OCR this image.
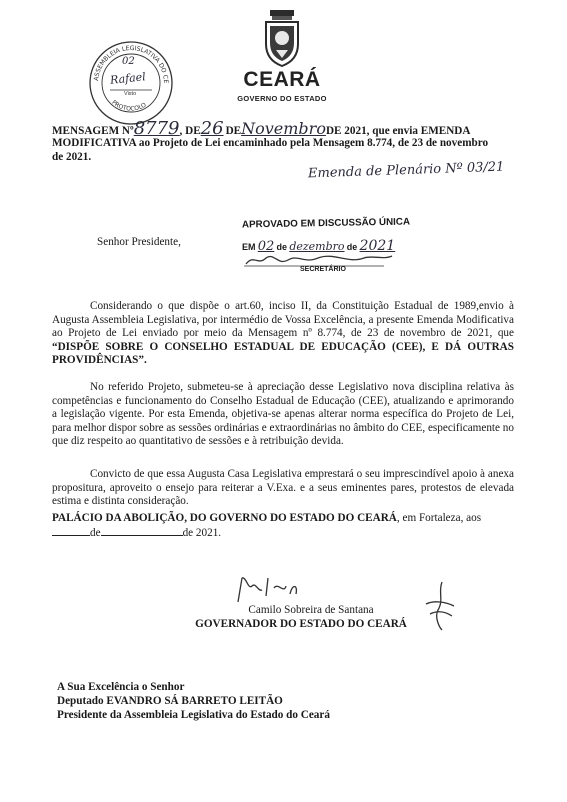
ASSEMBLEIA LEGISLATIVA DO CE
PROTOCOLO
02
Rafael
Visto
CEARÁ
GOVERNO DO ESTADO
MENSAGEM Nº8779, DE26 DENovembroDE 2021, que envia EMENDA
MODIFICATIVA ao Projeto de Lei encaminhado pela Mensagem 8.774, de 23 de novembro
de 2021.
Emenda de Plenário Nº 03/21
APROVADO EM DISCUSSÃO ÚNICA
EM 02 de dezembro de 2021
SECRETÁRIO
Senhor Presidente,
Considerando o que dispõe o art.60, inciso II, da Constituição Estadual de 1989,envio à Augusta Assembleia Legislativa, por intermédio de Vossa Excelência, a presente Emenda Modificativa ao Projeto de Lei enviado por meio da Mensagem nº 8.774, de 23 de novembro de 2021, que “DISPÕE SOBRE O CONSELHO ESTADUAL DE EDUCAÇÃO (CEE), E DÁ OUTRAS PROVIDÊNCIAS”.
No referido Projeto, submeteu-se à apreciação desse Legislativo nova disciplina relativa às competências e funcionamento do Conselho Estadual de Educação (CEE), atualizando e aprimorando a legislação vigente. Por esta Emenda, objetiva-se apenas alterar norma específica do Projeto de Lei, para melhor dispor sobre as sessões ordinárias e extraordinárias no âmbito do CEE, especificamente no que diz respeito ao quantitativo de sessões e à retribuição devida.
Convicto de que essa Augusta Casa Legislativa emprestará o seu imprescindível apoio à anexa propositura, aproveito o ensejo para reiterar a V.Exa. e a seus eminentes pares, protestos de elevada estima e distinta consideração.
PALÁCIO DA ABOLIÇÃO, DO GOVERNO DO ESTADO DO CEARÁ, em Fortaleza, aos
de	de 2021.
Camilo Sobreira de Santana
GOVERNADOR DO ESTADO DO CEARÁ
A Sua Excelência o Senhor
Deputado EVANDRO SÁ BARRETO LEITÃO
Presidente da Assembleia Legislativa do Estado do Ceará
